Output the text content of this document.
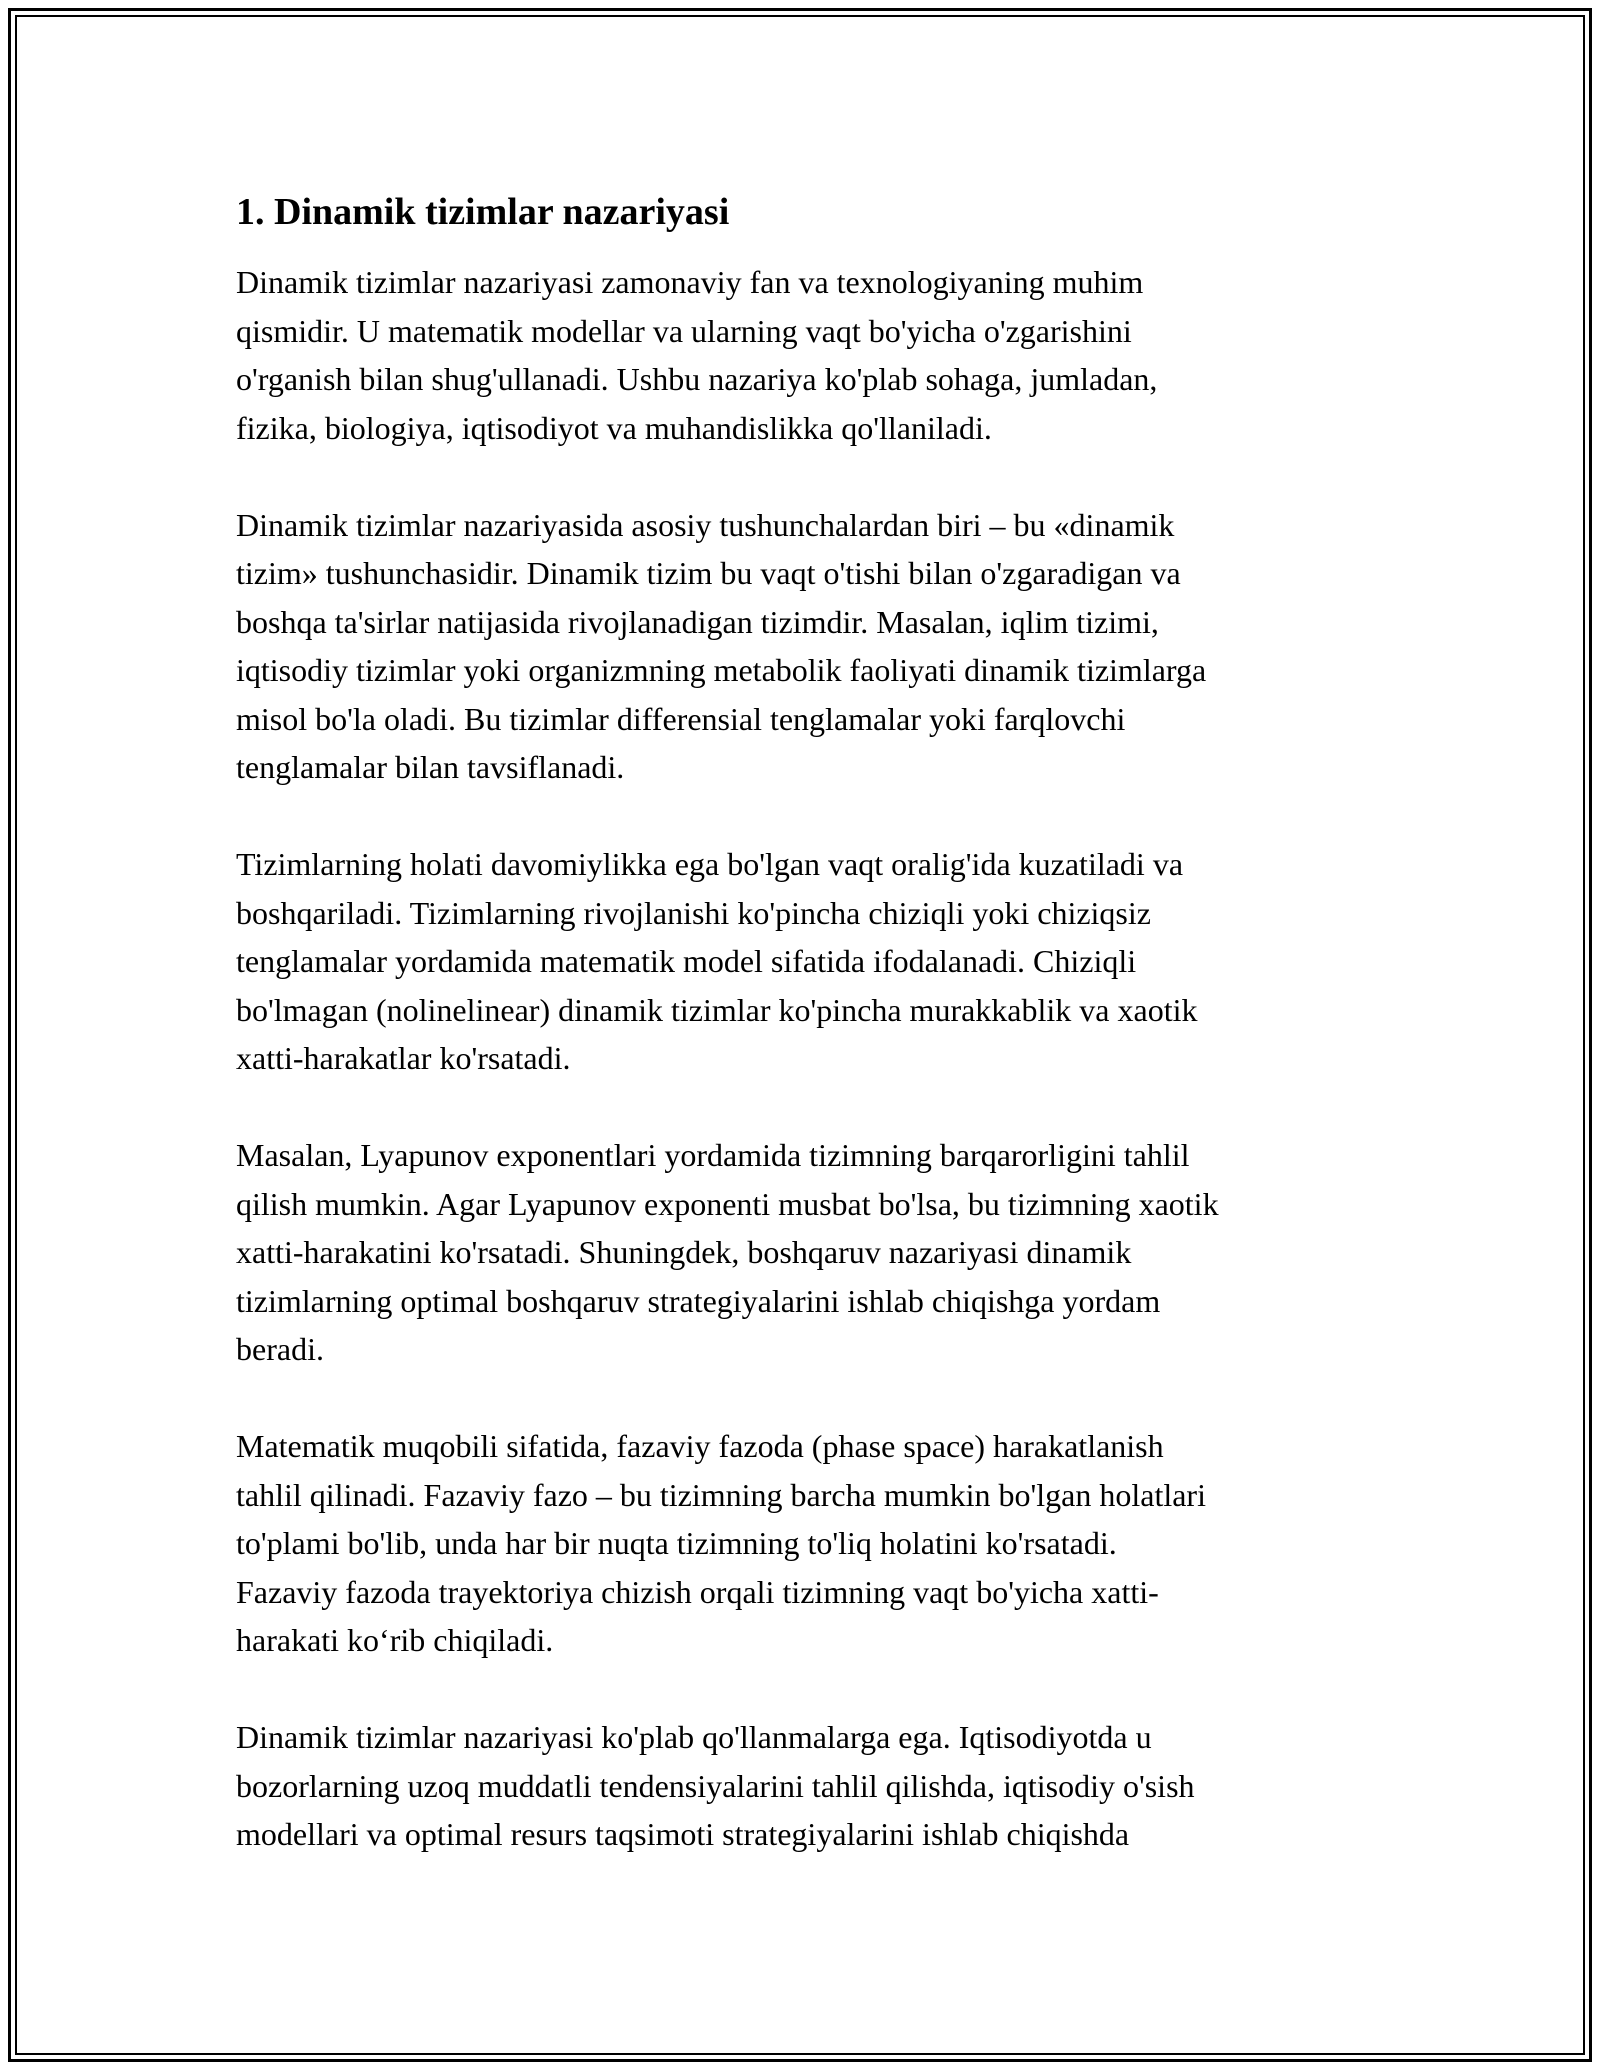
1. Dinamik tizimlar nazariyasi

Dinamik tizimlar nazariyasi zamonaviy fan va texnologiyaning muhim
qismidir. U matematik modellar va ularning vaqt bo'yicha o'zgarishini
o'rganish bilan shug'ullanadi. Ushbu nazariya ko'plab sohaga, jumladan,
fizika, biologiya, iqtisodiyot va muhandislikka qo'llaniladi.

Dinamik tizimlar nazariyasida asosiy tushunchalardan biri – bu «dinamik
tizim» tushunchasidir. Dinamik tizim bu vaqt o'tishi bilan o'zgaradigan va
boshqa ta'sirlar natijasida rivojlanadigan tizimdir. Masalan, iqlim tizimi,
iqtisodiy tizimlar yoki organizmning metabolik faoliyati dinamik tizimlarga
misol bo'la oladi. Bu tizimlar differensial tenglamalar yoki farqlovchi
tenglamalar bilan tavsiflanadi.

Tizimlarning holati davomiylikka ega bo'lgan vaqt oralig'ida kuzatiladi va
boshqariladi. Tizimlarning rivojlanishi ko'pincha chiziqli yoki chiziqsiz
tenglamalar yordamida matematik model sifatida ifodalanadi. Chiziqli
bo'lmagan (nolinelinear) dinamik tizimlar ko'pincha murakkablik va xaotik
xatti-harakatlar ko'rsatadi.

Masalan, Lyapunov exponentlari yordamida tizimning barqarorligini tahlil
qilish mumkin. Agar Lyapunov exponenti musbat bo'lsa, bu tizimning xaotik
xatti-harakatini ko'rsatadi. Shuningdek, boshqaruv nazariyasi dinamik
tizimlarning optimal boshqaruv strategiyalarini ishlab chiqishga yordam
beradi.

Matematik muqobili sifatida, fazaviy fazoda (phase space) harakatlanish
tahlil qilinadi. Fazaviy fazo – bu tizimning barcha mumkin bo'lgan holatlari
to'plami bo'lib, unda har bir nuqta tizimning to'liq holatini ko'rsatadi.
Fazaviy fazoda trayektoriya chizish orqali tizimning vaqt bo'yicha xatti-
harakati koʻrib chiqiladi.

Dinamik tizimlar nazariyasi ko'plab qo'llanmalarga ega. Iqtisodiyotda u
bozorlarning uzoq muddatli tendensiyalarini tahlil qilishda, iqtisodiy o'sish
modellari va optimal resurs taqsimoti strategiyalarini ishlab chiqishda
